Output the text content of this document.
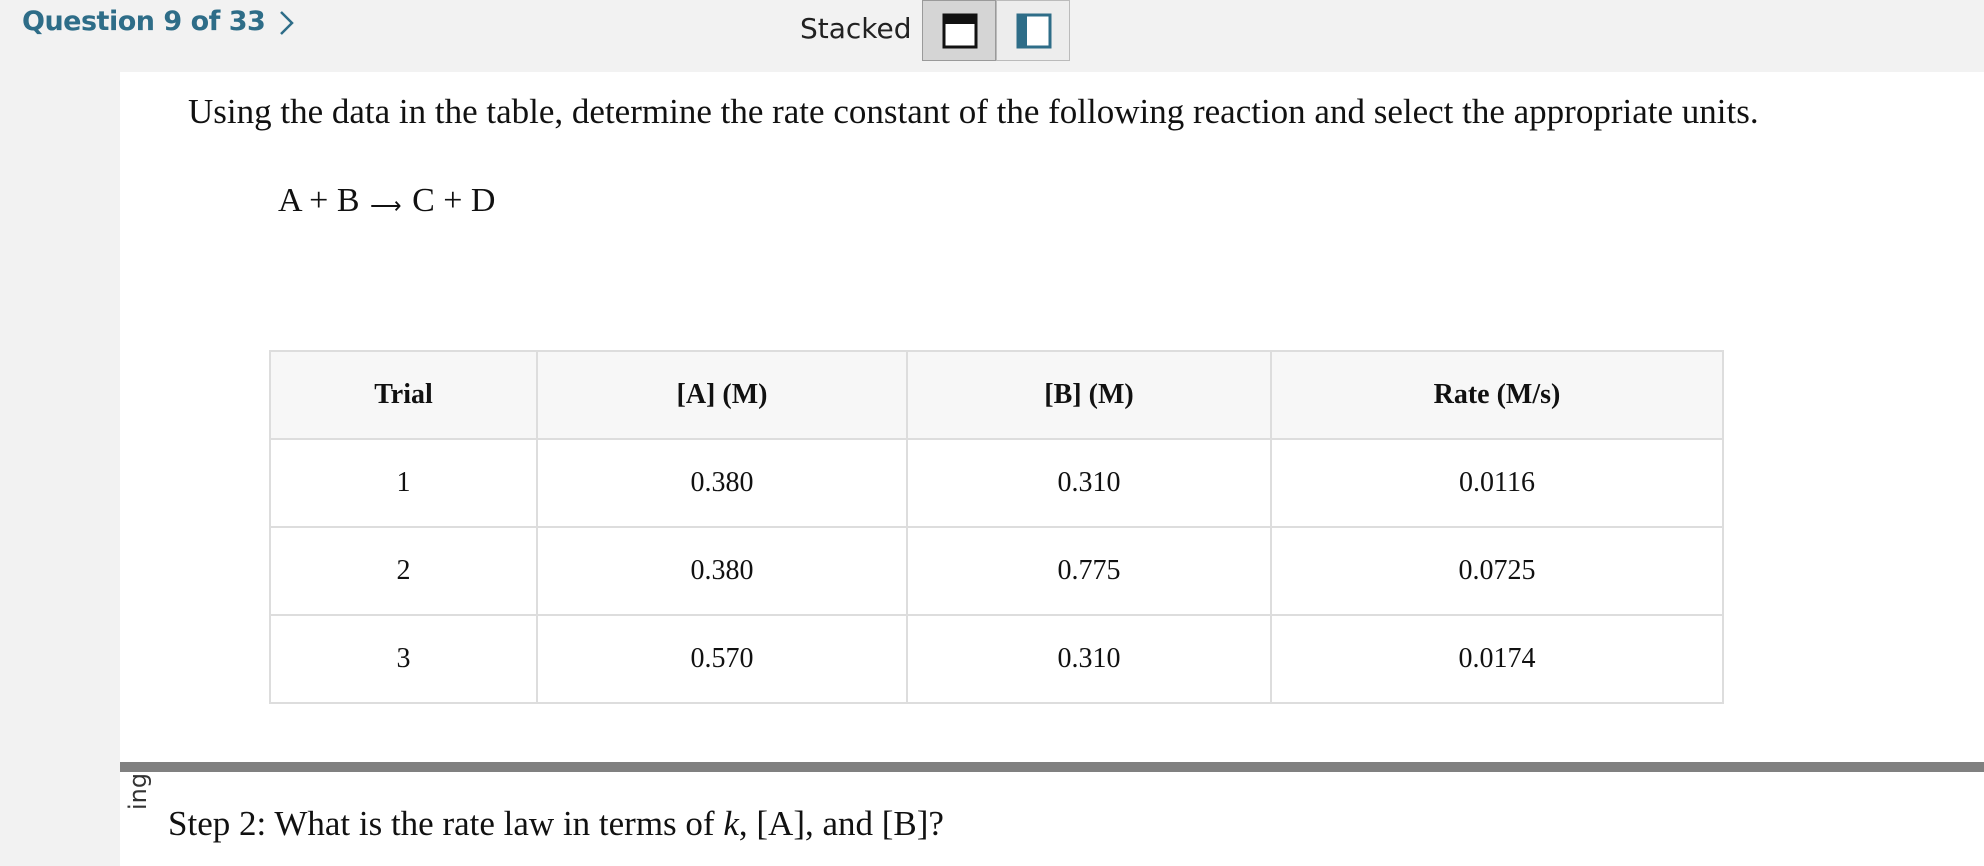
Question 9 of 33	Stacked
Using the data in the table, determine the rate constant of the following reaction and select the appropriate units.
A + B ⟶ C + D
Trial	[A] (M)	[B] (M)	Rate (M/s)
1	0.380	0.310	0.0116
2	0.380	0.775	0.0725
3	0.570	0.310	0.0174
Step 2: What is the rate law in terms of k, [A], and [B]?
ing
